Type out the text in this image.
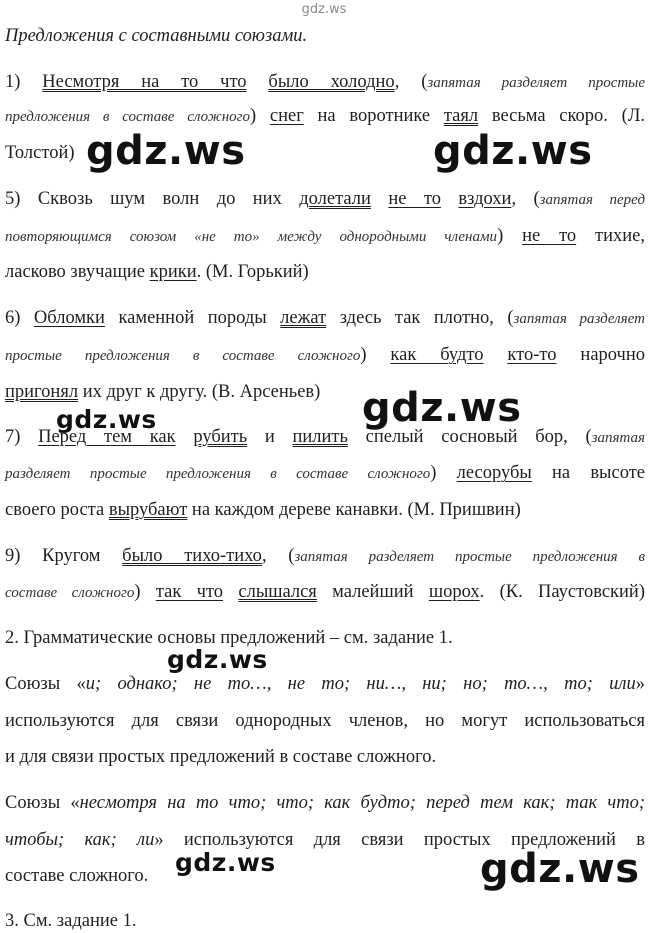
gdz.ws
Предложения с составными союзами.
1) Несмотря на то что было холодно, (запятая разделяет простые
предложения в составе сложного) снег на воротнике таял весьма скоро. (Л.
Толстой)
5) Сквозь шум волн до них долетали не то вздохи, (запятая перед
повторяющимся союзом «не то» между однородными членами) не то тихие,
ласково звучащие крики. (М. Горький)
6) Обломки каменной породы лежат здесь так плотно, (запятая разделяет
простые предложения в составе сложного) как будто кто-то нарочно
пригонял их друг к другу. (В. Арсеньев)
7) Перед тем как рубить и пилить спелый сосновый бор, (запятая
разделяет простые предложения в составе сложного) лесорубы на высоте
своего роста вырубают на каждом дереве канавки. (М. Пришвин)
9) Кругом было тихо-тихо, (запятая разделяет простые предложения в
составе сложного) так что слышался малейший шорох. (К. Паустовский)
2. Грамматические основы предложений – см. задание 1.
Союзы «и; однако; не то…, не то; ни…, ни; но; то…, то; или»
используются для связи однородных членов, но могут использоваться
и для связи простых предложений в составе сложного.
Союзы «несмотря на то что; что; как будто; перед тем как; так что;
чтобы; как; ли» используются для связи простых предложений в
составе сложного.
3. См. задание 1.
gdz.ws	gdz.ws
gdz.ws
gdz.ws
gdz.ws
gdz.ws	gdz.ws
